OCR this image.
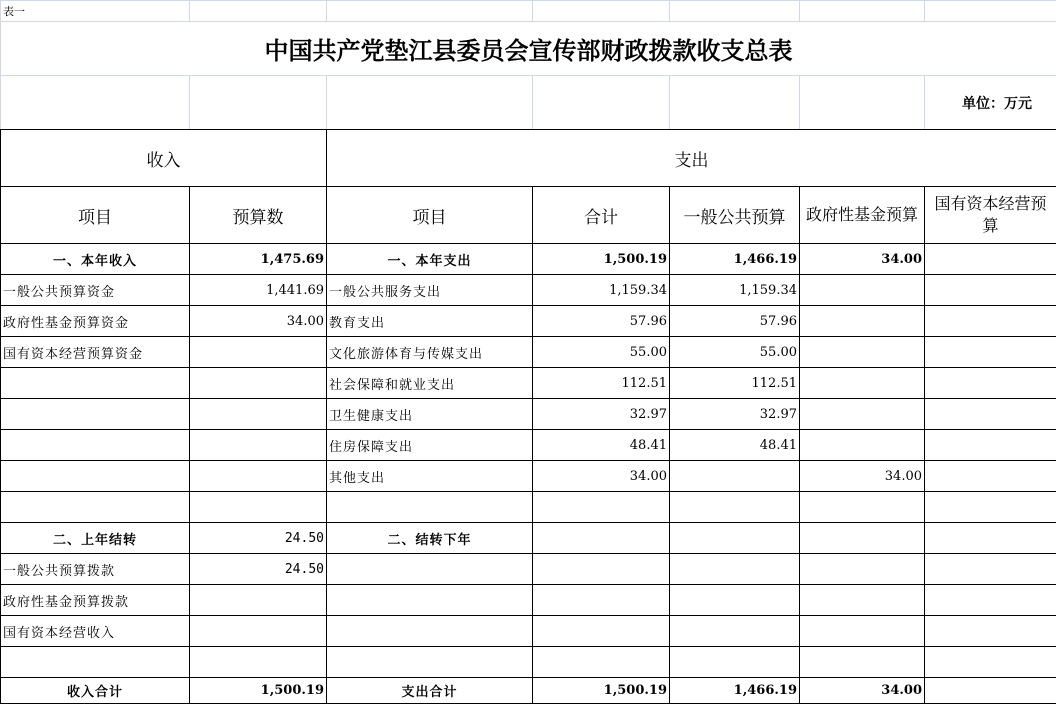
表一						
中国共产党垫江县委员会宣传部财政拨款收支总表						
						单位：万元
收入		支出				
项目	预算数	项目	合计	一般公共预算	政府性基金预算	国有资本经营预算
一、本年收入	1,475.69	一、本年支出	1,500.19	1,466.19	34.00	
一般公共预算资金	1,441.69	一般公共服务支出	1,159.34	1,159.34		
政府性基金预算资金	34.00	教育支出	57.96	57.96		
国有资本经营预算资金		文化旅游体育与传媒支出	55.00	55.00		
		社会保障和就业支出	112.51	112.51		
		卫生健康支出	32.97	32.97		
		住房保障支出	48.41	48.41		
		其他支出	34.00		34.00	

二、上年结转	24.50	二、结转下年				
一般公共预算拨款	24.50					
政府性基金预算拨款						
国有资本经营收入						

收入合计	1,500.19	支出合计	1,500.19	1,466.19	34.00	
